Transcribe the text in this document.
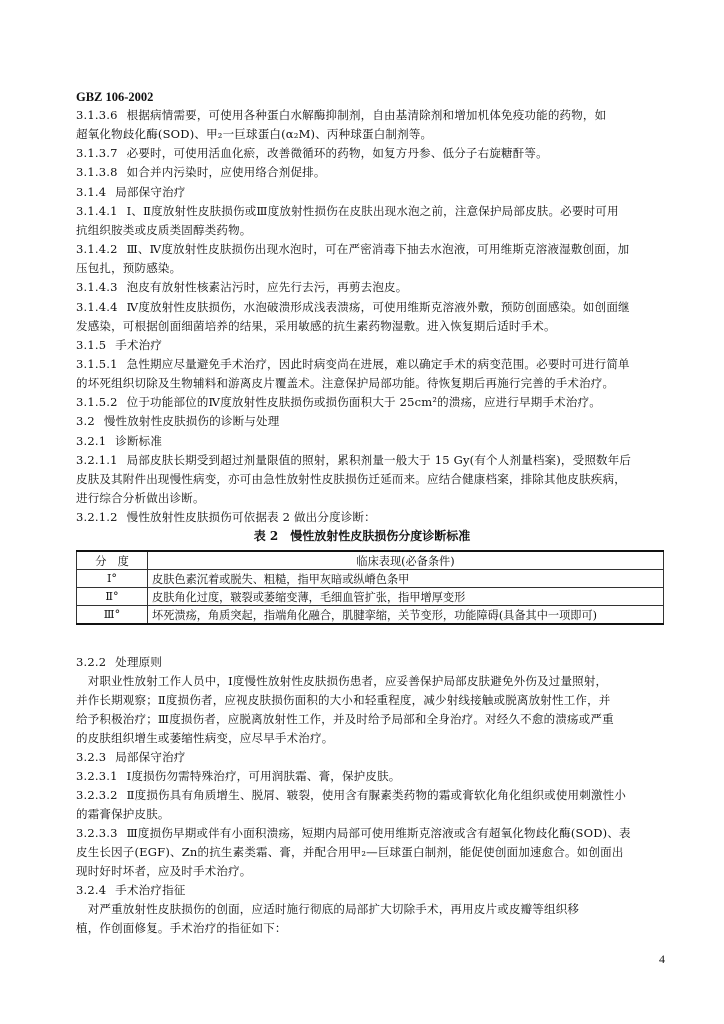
GBZ 106-2002
3.1.3.6 根据病情需要，可使用各种蛋白水解酶抑制剂，自由基清除剂和增加机体免疫功能的药物，如
超氧化物歧化酶(SOD)、甲₂一巨球蛋白(α₂M)、丙种球蛋白制剂等。
3.1.3.7 必要时，可使用活血化瘀，改善微循环的药物，如复方丹参、低分子右旋糖酐等。
3.1.3.8 如合并内污染时，应使用络合剂促排。
3.1.4 局部保守治疗
3.1.4.1 Ⅰ、Ⅱ度放射性皮肤损伤或Ⅲ度放射性损伤在皮肤出现水泡之前，注意保护局部皮肤。必要时可用
抗组织胺类或皮质类固醇类药物。
3.1.4.2 Ⅲ、Ⅳ度放射性皮肤损伤出现水泡时，可在严密消毒下抽去水泡液，可用维斯克溶液湿敷创面，加
压包扎，预防感染。
3.1.4.3 泡皮有放射性核素沾污时，应先行去污，再剪去泡皮。
3.1.4.4 Ⅳ度放射性皮肤损伤，水泡破溃形成浅表溃疡，可使用维斯克溶液外敷，预防创面感染。如创面继
发感染，可根据创面细菌培养的结果，采用敏感的抗生素药物湿敷。进入恢复期后适时手术。
3.1.5 手术治疗
3.1.5.1 急性期应尽量避免手术治疗，因此时病变尚在进展，难以确定手术的病变范围。必要时可进行简单
的坏死组织切除及生物辅料和游离皮片覆盖术。注意保护局部功能。待恢复期后再施行完善的手术治疗。
3.1.5.2 位于功能部位的Ⅳ度放射性皮肤损伤或损伤面积大于 25cm²的溃疡，应进行早期手术治疗。
3.2 慢性放射性皮肤损伤的诊断与处理
3.2.1 诊断标准
3.2.1.1 局部皮肤长期受到超过剂量限值的照射，累积剂量一般大于 15 Gy(有个人剂量档案)，受照数年后
皮肤及其附件出现慢性病变，亦可由急性放射性皮肤损伤迁延而来。应结合健康档案，排除其他皮肤疾病，
进行综合分析做出诊断。
3.2.1.2 慢性放射性皮肤损伤可依据表 2 做出分度诊断：
表 2　慢性放射性皮肤损伤分度诊断标准
分　度	临床表现(必备条件)
Ⅰ°	皮肤色素沉着或脱失、粗糙，指甲灰暗或纵嵴色条甲
Ⅱ°	皮肤角化过度，皲裂或萎缩变薄，毛细血管扩张，指甲增厚变形
Ⅲ°	坏死溃疡，角质突起，指端角化融合，肌腱挛缩，关节变形，功能障碍(具备其中一项即可)
3.2.2 处理原则
　对职业性放射工作人员中，Ⅰ度慢性放射性皮肤损伤患者，应妥善保护局部皮肤避免外伤及过量照射，
并作长期观察；Ⅱ度损伤者，应视皮肤损伤面积的大小和轻重程度，减少射线接触或脱离放射性工作，并
给予积极治疗；Ⅲ度损伤者，应脱离放射性工作，并及时给予局部和全身治疗。对经久不愈的溃疡或严重
的皮肤组织增生或萎缩性病变，应尽早手术治疗。
3.2.3 局部保守治疗
3.2.3.1 Ⅰ度损伤勿需特殊治疗，可用润肤霜、膏，保护皮肤。
3.2.3.2 Ⅱ度损伤具有角质增生、脱屑、皲裂，使用含有脲素类药物的霜或膏软化角化组织或使用刺激性小
的霜膏保护皮肤。
3.2.3.3 Ⅲ度损伤早期或伴有小面积溃疡，短期内局部可使用维斯克溶液或含有超氧化物歧化酶(SOD)、表
皮生长因子(EGF)、Zn的抗生素类霜、膏，并配合用甲₂—巨球蛋白制剂，能促使创面加速愈合。如创面出
现时好时坏者，应及时手术治疗。
3.2.4 手术治疗指征
　对严重放射性皮肤损伤的创面，应适时施行彻底的局部扩大切除手术，再用皮片或皮瓣等组织移
植，作创面修复。手术治疗的指征如下：
4
